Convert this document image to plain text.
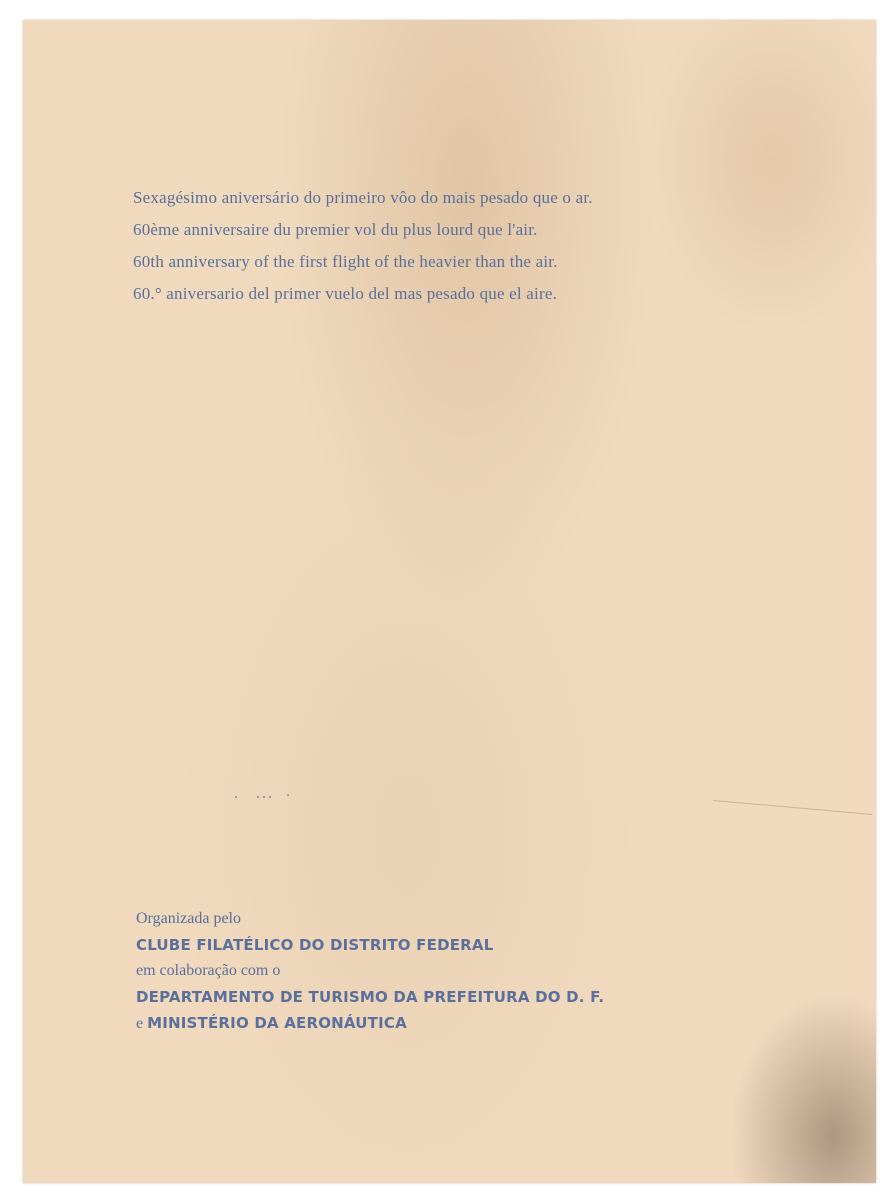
Sexagésimo aniversário do primeiro vôo do mais pesado que o ar.
60ème anniversaire du premier vol du plus lourd que l'air.
60th anniversary of the first flight of the heavier than the air.
60.° aniversario del primer vuelo del mas pesado que el aire.
Organizada pelo
CLUBE FILATÉLICO DO DISTRITO FEDERAL
em colaboração com o
DEPARTAMENTO DE TURISMO DA PREFEITURA DO D. F.
e MINISTÉRIO DA AERONÁUTICA
